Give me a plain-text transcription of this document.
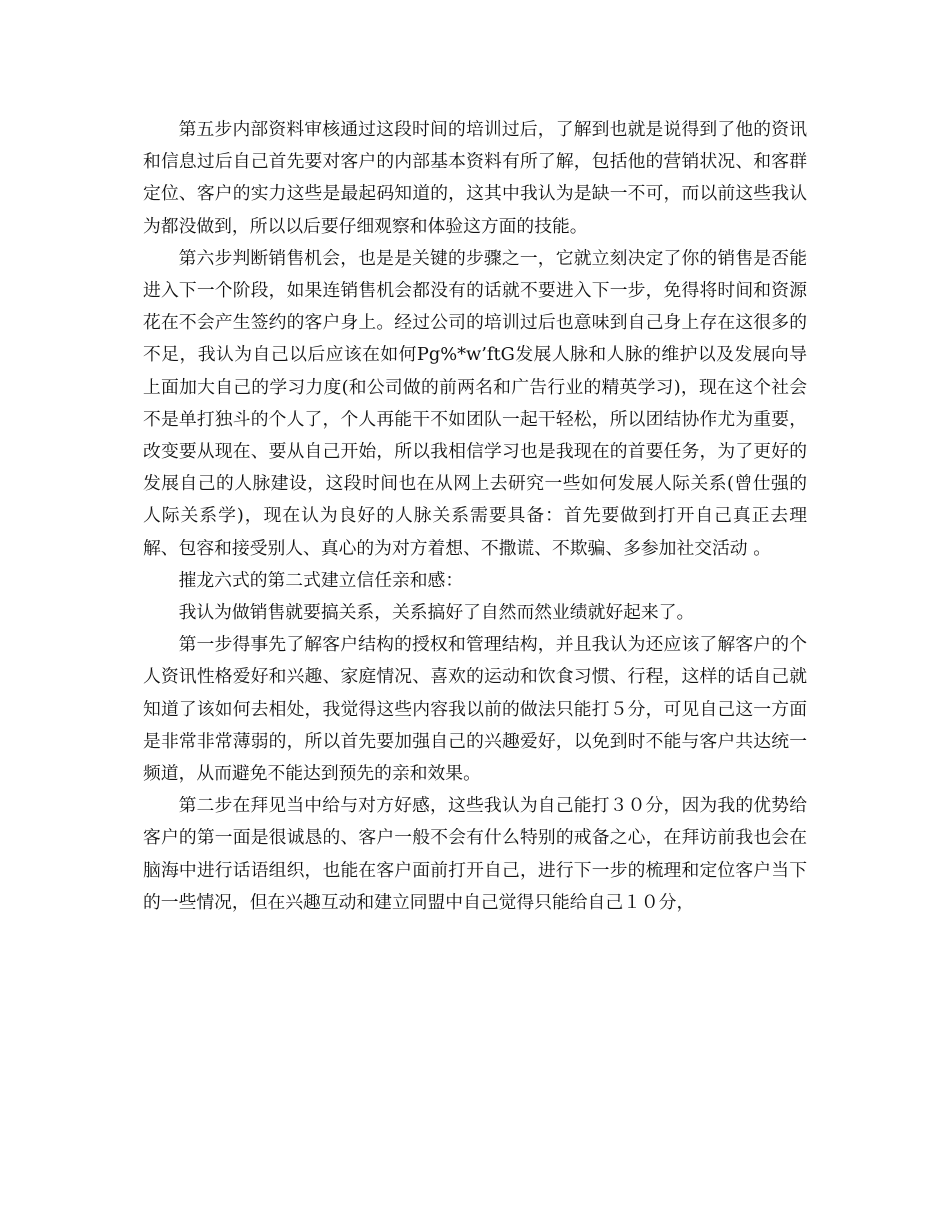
第五步内部资料审核通过这段时间的培训过后，了解到也就是说得到了他的资讯和信息过后自己首先要对客户的内部基本资料有所了解，包括他的营销状况、和客群定位、客户的实力这些是最起码知道的，这其中我认为是缺一不可，而以前这些我认为都没做到，所以以后要仔细观察和体验这方面的技能。

第六步判断销售机会，也是是关键的步骤之一，它就立刻决定了你的销售是否能进入下一个阶段，如果连销售机会都没有的话就不要进入下一步，免得将时间和资源花在不会产生签约的客户身上。经过公司的培训过后也意味到自己身上存在这很多的不足，我认为自己以后应该在如何Pg%*w’ftG发展人脉和人脉的维护以及发展向导上面加大自己的学习力度(和公司做的前两名和广告行业的精英学习)，现在这个社会不是单打独斗的个人了，个人再能干不如团队一起干轻松，所以团结协作尤为重要，改变要从现在、要从自己开始，所以我相信学习也是我现在的首要任务，为了更好的发展自己的人脉建设，这段时间也在从网上去研究一些如何发展人际关系(曾仕强的人际关系学)，现在认为良好的人脉关系需要具备：首先要做到打开自己真正去理解、包容和接受别人、真心的为对方着想、不撒谎、不欺骗、多参加社交活动 。

摧龙六式的第二式建立信任亲和感：

我认为做销售就要搞关系，关系搞好了自然而然业绩就好起来了。

第一步得事先了解客户结构的授权和管理结构，并且我认为还应该了解客户的个人资讯性格爱好和兴趣、家庭情况、喜欢的运动和饮食习惯、行程，这样的话自己就知道了该如何去相处，我觉得这些内容我以前的做法只能打５分，可见自己这一方面是非常非常薄弱的，所以首先要加强自己的兴趣爱好，以免到时不能与客户共达统一频道，从而避免不能达到预先的亲和效果。

第二步在拜见当中给与对方好感，这些我认为自己能打３０分，因为我的优势给客户的第一面是很诚恳的、客户一般不会有什么特别的戒备之心，在拜访前我也会在脑海中进行话语组织，也能在客户面前打开自己，进行下一步的梳理和定位客户当下的一些情况，但在兴趣互动和建立同盟中自己觉得只能给自己１０分，
